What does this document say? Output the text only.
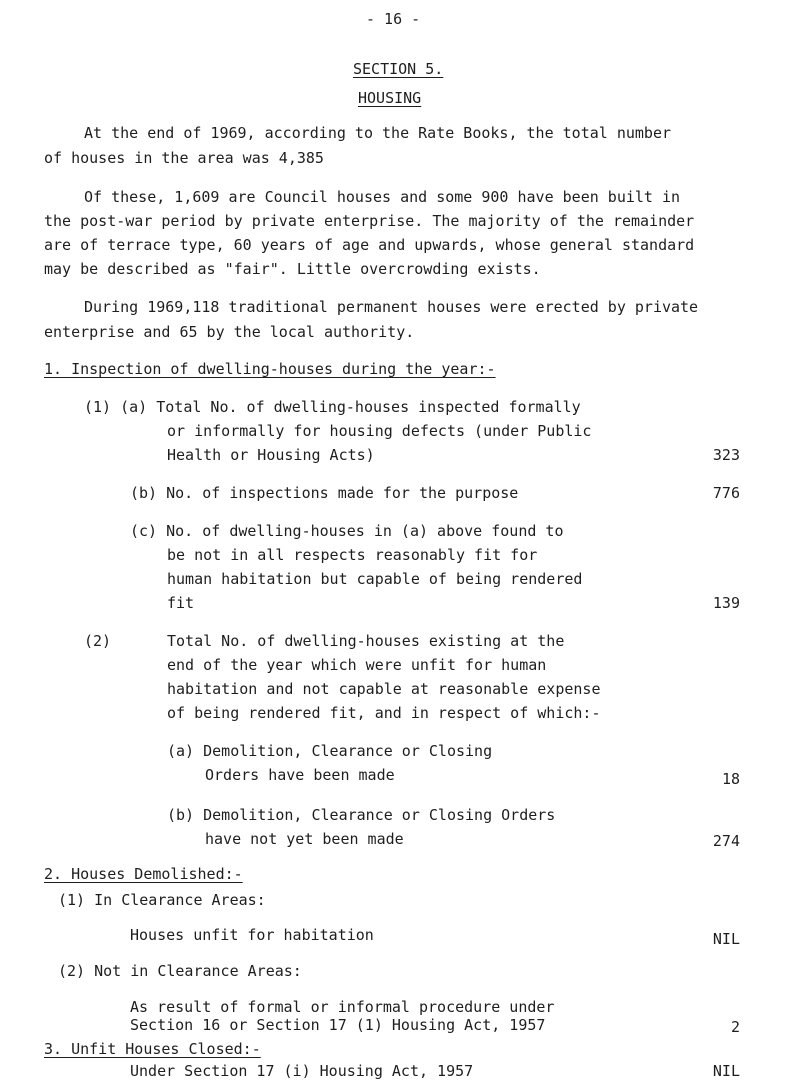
- 16 -
SECTION 5.
HOUSING
At the end of 1969, according to the Rate Books, the total number
of houses in the area was 4,385
Of these, 1,609 are Council houses and some 900 have been built in
the post-war period by private enterprise. The majority of the remainder
are of terrace type, 60 years of age and upwards, whose general standard
may be described as "fair". Little overcrowding exists.
During 1969,118 traditional permanent houses were erected by private
enterprise and 65 by the local authority.
1. Inspection of dwelling-houses during the year:-
(1) (a) Total No. of dwelling-houses inspected formally
or informally for housing defects (under Public
Health or Housing Acts)	323
(b) No. of inspections made for the purpose	776
(c) No. of dwelling-houses in (a) above found to
be not in all respects reasonably fit for
human habitation but capable of being rendered
fit	139
(2)	Total No. of dwelling-houses existing at the
end of the year which were unfit for human
habitation and not capable at reasonable expense
of being rendered fit, and in respect of which:-
(a) Demolition, Clearance or Closing
Orders have been made	18
(b) Demolition, Clearance or Closing Orders
have not yet been made	274
2. Houses Demolished:-
(1) In Clearance Areas:
Houses unfit for habitation	NIL
(2) Not in Clearance Areas:
As result of formal or informal procedure under
Section 16 or Section 17 (1) Housing Act, 1957	2
3. Unfit Houses Closed:-
Under Section 17 (i) Housing Act, 1957	NIL
